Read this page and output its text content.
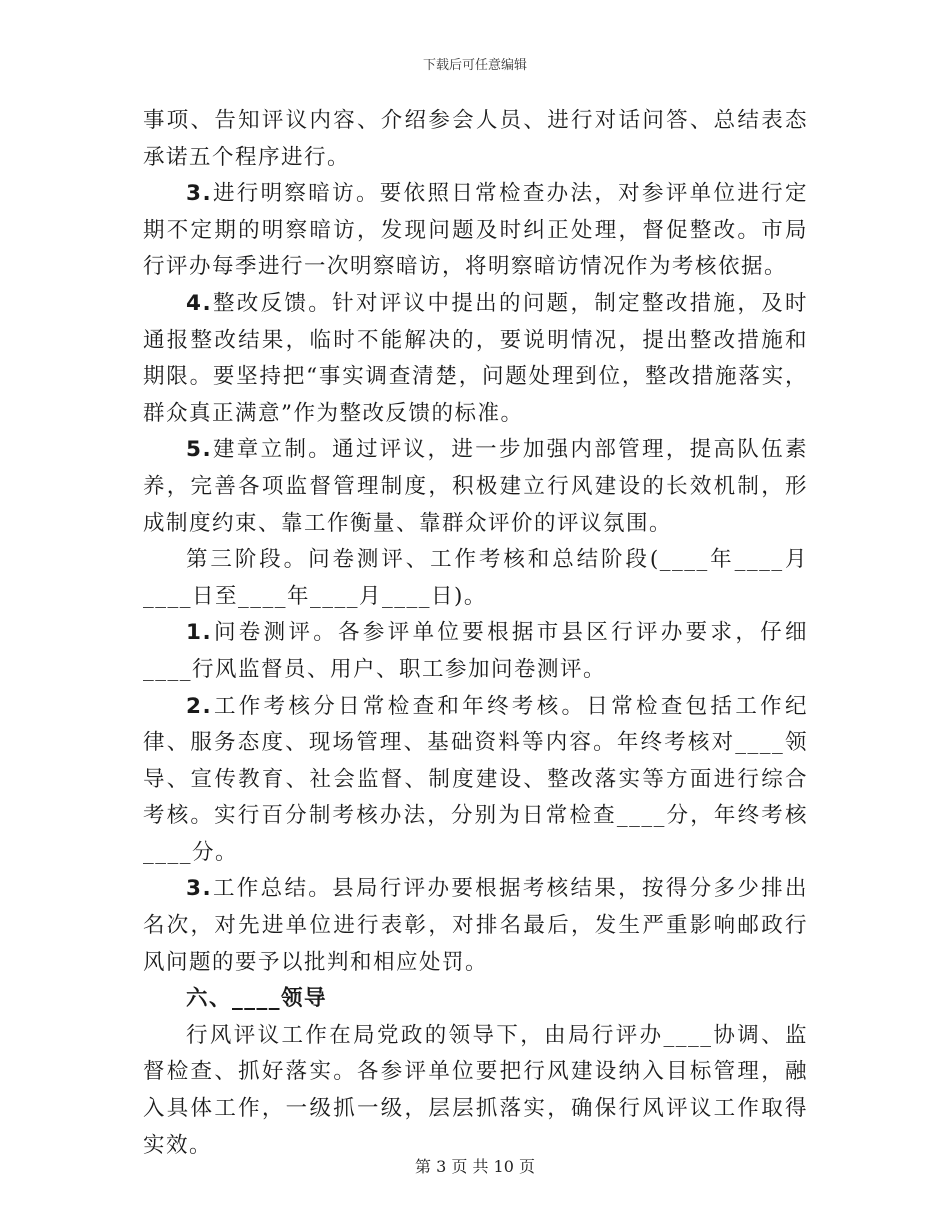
下载后可任意编辑

事项、告知评议内容、介绍参会人员、进行对话问答、总结表态承诺五个程序进行。

3.进行明察暗访。要依照日常检查办法，对参评单位进行定期不定期的明察暗访，发现问题及时纠正处理，督促整改。市局行评办每季进行一次明察暗访，将明察暗访情况作为考核依据。

4.整改反馈。针对评议中提出的问题，制定整改措施，及时通报整改结果，临时不能解决的，要说明情况，提出整改措施和期限。要坚持把“事实调查清楚，问题处理到位，整改措施落实，群众真正满意”作为整改反馈的标准。

5.建章立制。通过评议，进一步加强内部管理，提高队伍素养，完善各项监督管理制度，积极建立行风建设的长效机制，形成制度约束、靠工作衡量、靠群众评价的评议氛围。

第三阶段。问卷测评、工作考核和总结阶段(____年____月____日至____年____月____日)。

1.问卷测评。各参评单位要根据市县区行评办要求，仔细____行风监督员、用户、职工参加问卷测评。

2.工作考核分日常检查和年终考核。日常检查包括工作纪律、服务态度、现场管理、基础资料等内容。年终考核对____领导、宣传教育、社会监督、制度建设、整改落实等方面进行综合考核。实行百分制考核办法，分别为日常检查____分，年终考核____分。

3.工作总结。县局行评办要根据考核结果，按得分多少排出名次，对先进单位进行表彰，对排名最后，发生严重影响邮政行风问题的要予以批判和相应处罚。

六、____领导

行风评议工作在局党政的领导下，由局行评办____协调、监督检查、抓好落实。各参评单位要把行风建设纳入目标管理，融入具体工作，一级抓一级，层层抓落实，确保行风评议工作取得实效。

第 3 页 共 10 页
